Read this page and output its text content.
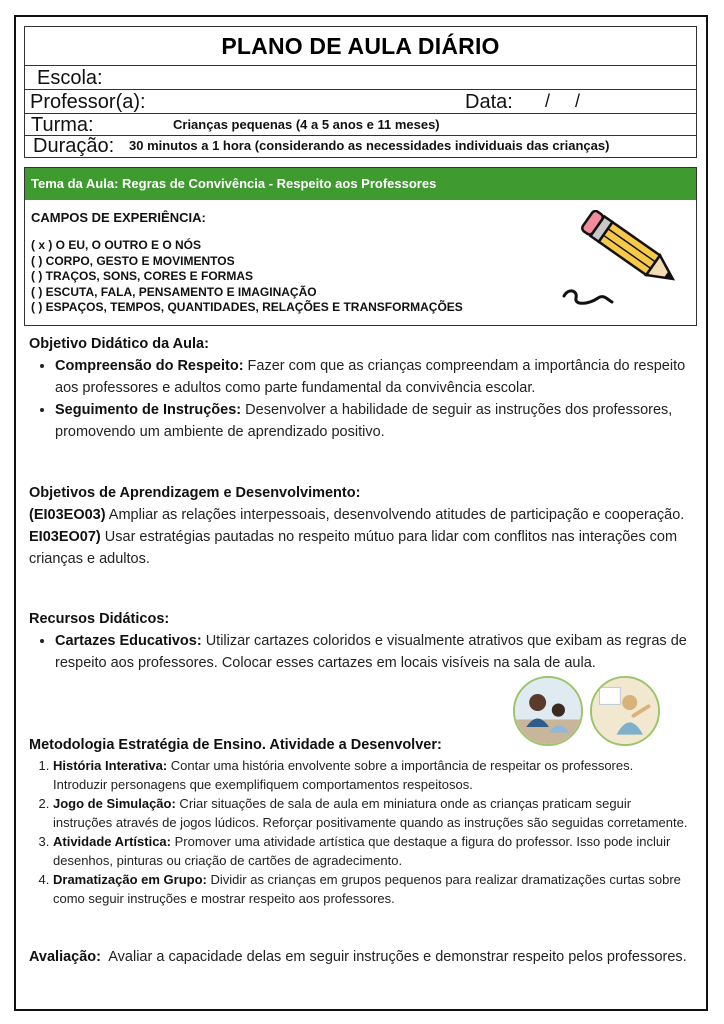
PLANO DE AULA DIÁRIO
Escola:
Professor(a):	Data: /     /
Turma:	Crianças pequenas (4 a 5 anos e 11 meses)
Duração: 30 minutos a 1 hora (considerando as necessidades individuais das crianças)
Tema da Aula: Regras de Convivência - Respeito aos Professores
CAMPOS DE EXPERIÊNCIA:
( x ) O EU, O OUTRO E O NÓS
( ) CORPO, GESTO E MOVIMENTOS
( ) TRAÇOS, SONS, CORES E FORMAS
( ) ESCUTA, FALA, PENSAMENTO E IMAGINAÇÃO
( ) ESPAÇOS, TEMPOS, QUANTIDADES, RELAÇÕES E TRANSFORMAÇÕES
Objetivo Didático da Aula:
• Compreensão do Respeito: Fazer com que as crianças compreendam a importância do respeito aos professores e adultos como parte fundamental da convivência escolar.
• Seguimento de Instruções: Desenvolver a habilidade de seguir as instruções dos professores, promovendo um ambiente de aprendizado positivo.
Objetivos de Aprendizagem e Desenvolvimento:
(EI03EO03) Ampliar as relações interpessoais, desenvolvendo atitudes de participação e cooperação.
EI03EO07) Usar estratégias pautadas no respeito mútuo para lidar com conflitos nas interações com crianças e adultos.
Recursos Didáticos:
• Cartazes Educativos: Utilizar cartazes coloridos e visualmente atrativos que exibam as regras de respeito aos professores. Colocar esses cartazes em locais visíveis na sala de aula.
Metodologia Estratégia de Ensino. Atividade a Desenvolver:
1. História Interativa: Contar uma história envolvente sobre a importância de respeitar os professores. Introduzir personagens que exemplifiquem comportamentos respeitosos.
2. Jogo de Simulação: Criar situações de sala de aula em miniatura onde as crianças praticam seguir instruções através de jogos lúdicos. Reforçar positivamente quando as instruções são seguidas corretamente.
3. Atividade Artística: Promover uma atividade artística que destaque a figura do professor. Isso pode incluir desenhos, pinturas ou criação de cartões de agradecimento.
4. Dramatização em Grupo: Dividir as crianças em grupos pequenos para realizar dramatizações curtas sobre como seguir instruções e mostrar respeito aos professores.
Avaliação:  Avaliar a capacidade delas em seguir instruções e demonstrar respeito pelos professores.
